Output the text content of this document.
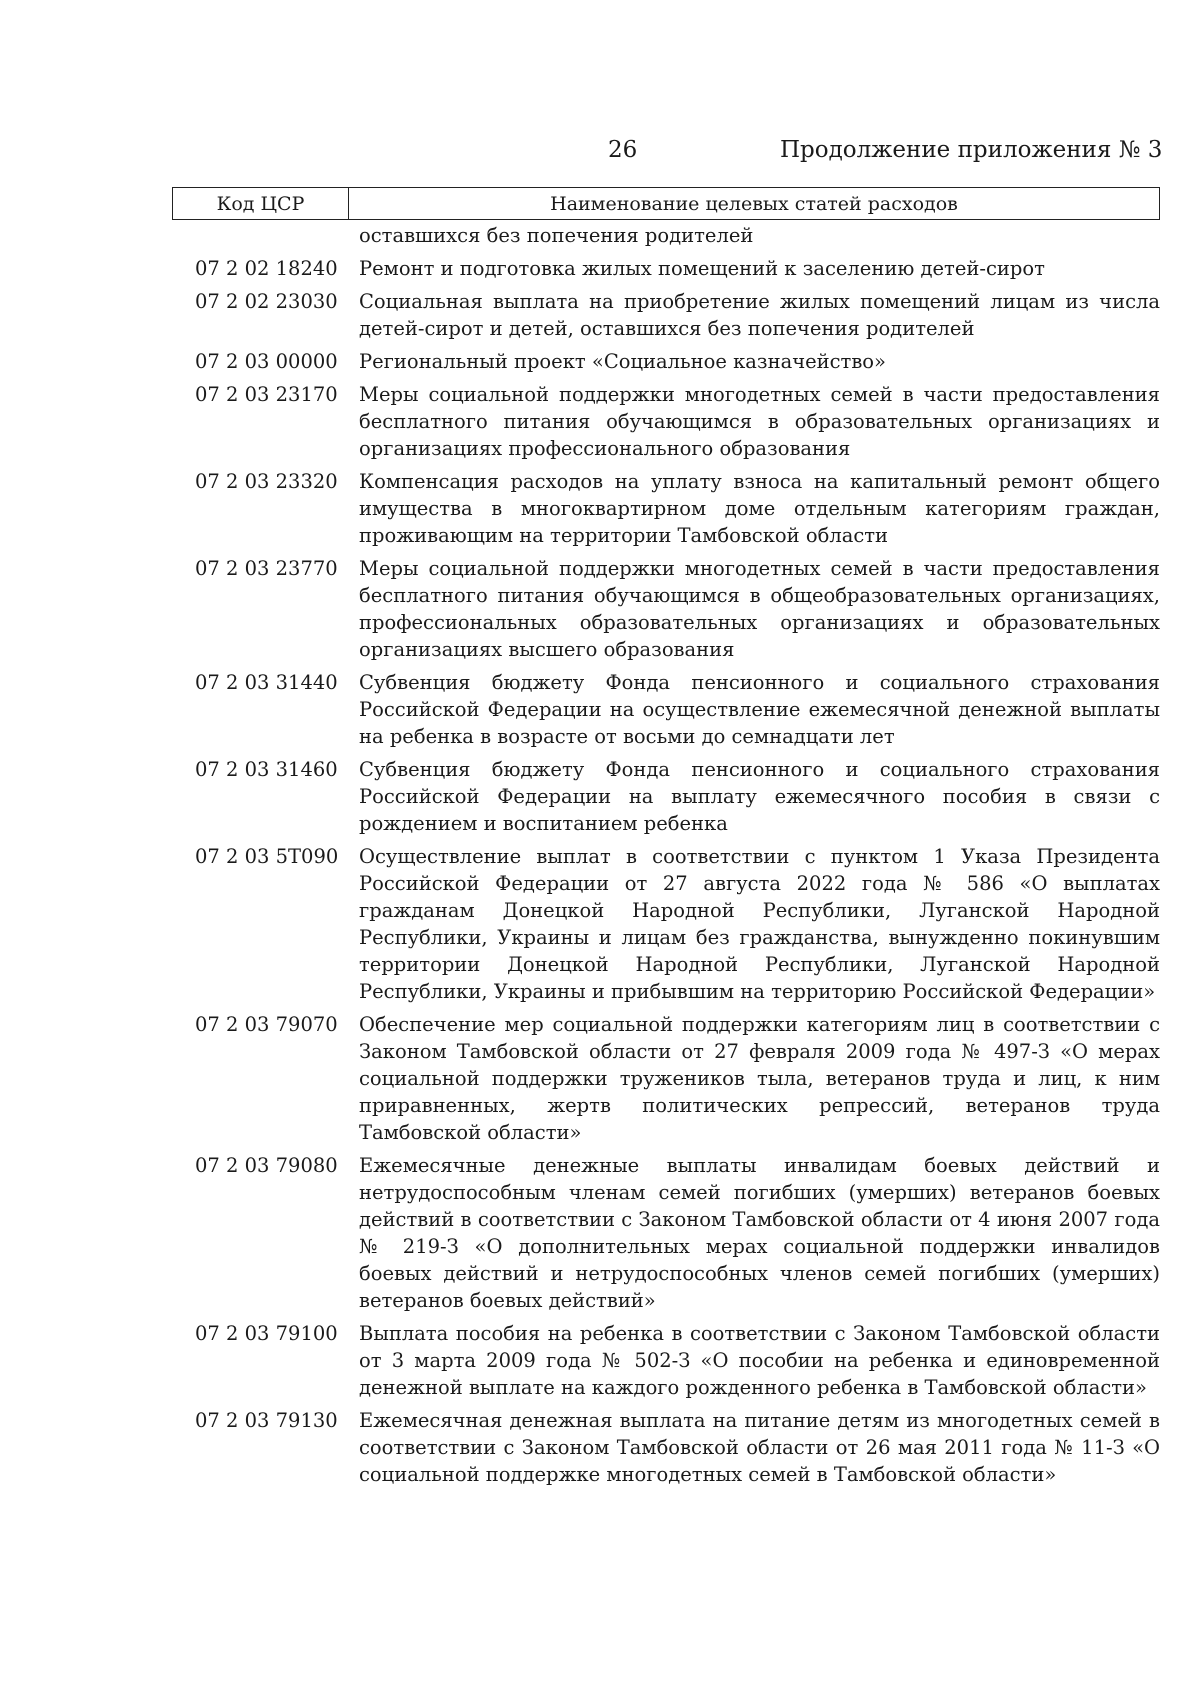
26	Продолжение приложения № 3
Код ЦСР	Наименование целевых статей расходов
оставшихся без попечения родителей
07 2 02 18240	Ремонт и подготовка жилых помещений к заселению детей-сирот
07 2 02 23030	Социальная выплата на приобретение жилых помещений лицам из числа детей-сирот и детей, оставшихся без попечения родителей
07 2 03 00000	Региональный проект «Социальное казначейство»
07 2 03 23170	Меры социальной поддержки многодетных семей в части предоставления бесплатного питания обучающимся в образовательных организациях и организациях профессионального образования
07 2 03 23320	Компенсация расходов на уплату взноса на капитальный ремонт общего имущества в многоквартирном доме отдельным категориям граждан, проживающим на территории Тамбовской области
07 2 03 23770	Меры социальной поддержки многодетных семей в части предоставления бесплатного питания обучающимся в общеобразовательных организациях, профессиональных образовательных организациях и образовательных организациях высшего образования
07 2 03 31440	Субвенция бюджету Фонда пенсионного и социального страхования Российской Федерации на осуществление ежемесячной денежной выплаты на ребенка в возрасте от восьми до семнадцати лет
07 2 03 31460	Субвенция бюджету Фонда пенсионного и социального страхования Российской Федерации на выплату ежемесячного пособия в связи с рождением и воспитанием ребенка
07 2 03 5Т090	Осуществление выплат в соответствии с пунктом 1 Указа Президента Российской Федерации от 27 августа 2022 года № 586 «О выплатах гражданам Донецкой Народной Республики, Луганской Народной Республики, Украины и лицам без гражданства, вынужденно покинувшим территории Донецкой Народной Республики, Луганской Народной Республики, Украины и прибывшим на территорию Российской Федерации»
07 2 03 79070	Обеспечение мер социальной поддержки категориям лиц в соответствии с Законом Тамбовской области от 27 февраля 2009 года № 497-З «О мерах социальной поддержки тружеников тыла, ветеранов труда и лиц, к ним приравненных, жертв политических репрессий, ветеранов труда Тамбовской области»
07 2 03 79080	Ежемесячные денежные выплаты инвалидам боевых действий и нетрудоспособным членам семей погибших (умерших) ветеранов боевых действий в соответствии с Законом Тамбовской области от 4 июня 2007 года № 219-З «О дополнительных мерах социальной поддержки инвалидов боевых действий и нетрудоспособных членов семей погибших (умерших) ветеранов боевых действий»
07 2 03 79100	Выплата пособия на ребенка в соответствии с Законом Тамбовской области от 3 марта 2009 года № 502-З «О пособии на ребенка и единовременной денежной выплате на каждого рожденного ребенка в Тамбовской области»
07 2 03 79130	Ежемесячная денежная выплата на питание детям из многодетных семей в соответствии с Законом Тамбовской области от 26 мая 2011 года № 11-З «О социальной поддержке многодетных семей в Тамбовской области»
